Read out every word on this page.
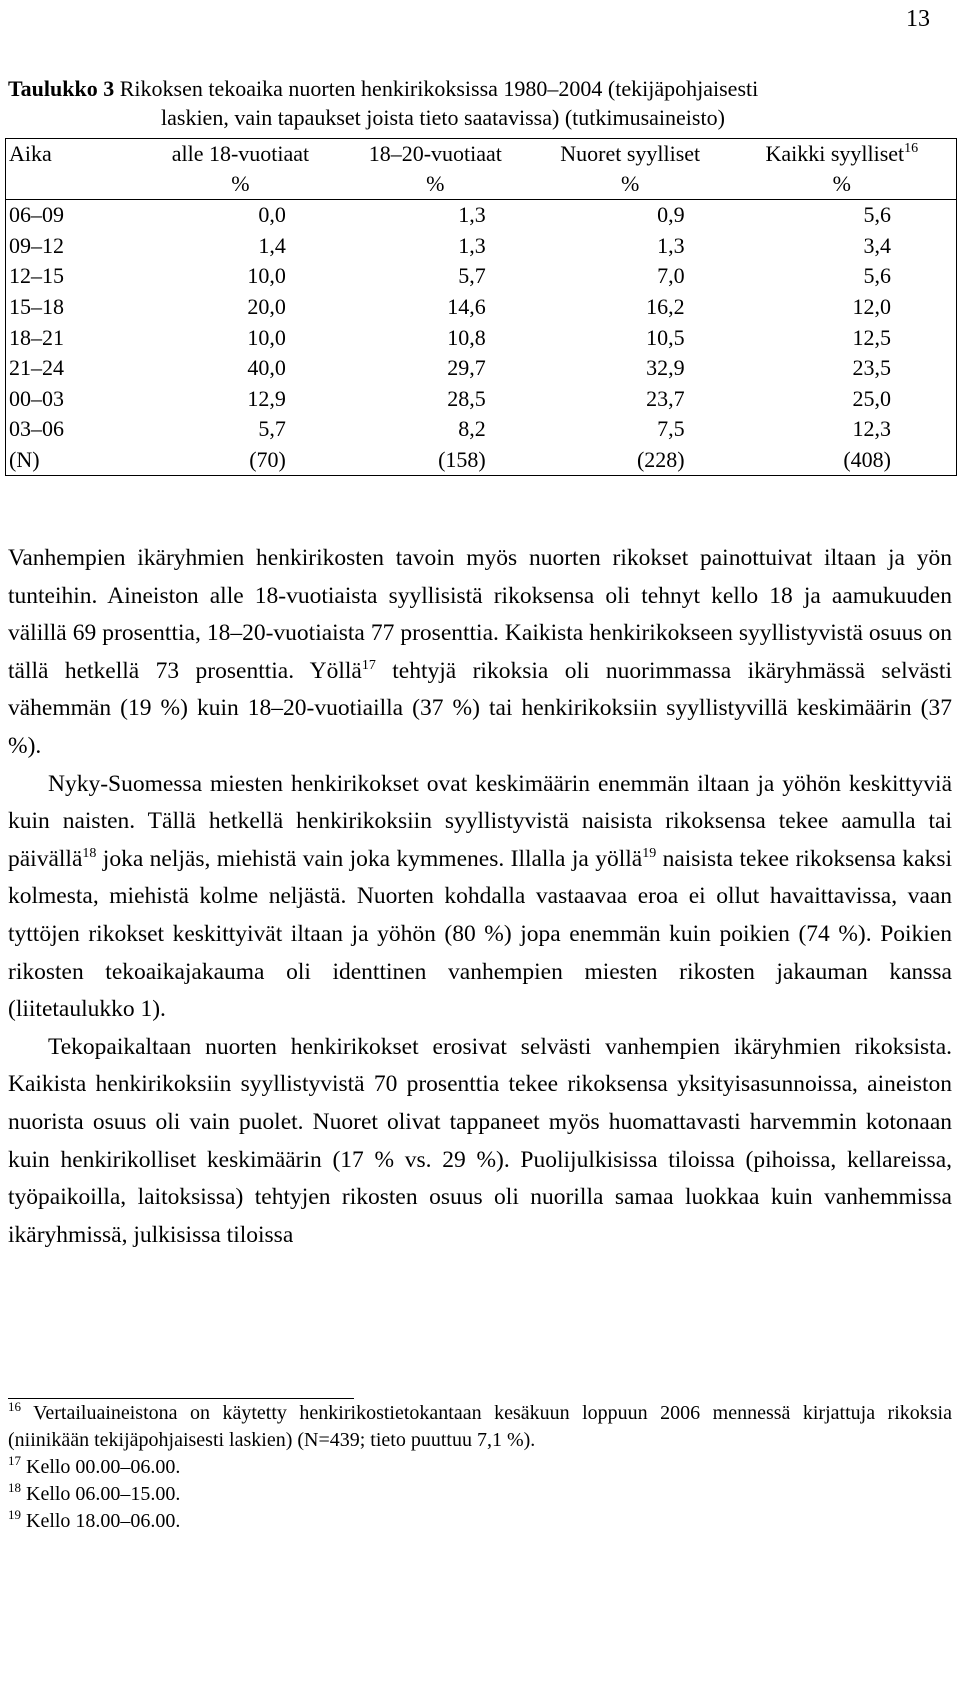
13
Taulukko 3 Rikoksen tekoaika nuorten henkirikoksissa 1980–2004 (tekijäpohjaisesti
laskien, vain tapaukset joista tieto saatavissa) (tutkimusaineisto)
Aika	alle 18-vuotiaat	18–20-vuotiaat	Nuoret syylliset	Kaikki syylliset$^{16}$
	%	%	%	%
06–09	0,0	1,3	0,9	5,6
09–12	1,4	1,3	1,3	3,4
12–15	10,0	5,7	7,0	5,6
15–18	20,0	14,6	16,2	12,0
18–21	10,0	10,8	10,5	12,5
21–24	40,0	29,7	32,9	23,5
00–03	12,9	28,5	23,7	25,0
03–06	5,7	8,2	7,5	12,3
(N)	(70)	(158)	(228)	(408)

Vanhempien ikäryhmien henkirikosten tavoin myös nuorten rikokset painottuivat iltaan ja yön tunteihin. Aineiston alle 18-vuotiaista syyllisistä rikoksensa oli tehnyt kello 18 ja aamukuuden välillä 69 prosenttia, 18–20-vuotiaista 77 prosenttia. Kaikista henkirikokseen syyllistyvistä osuus on tällä hetkellä 73 prosenttia. Yöllä$^{17}$ tehtyjä rikoksia oli nuorimmassa ikäryhmässä selvästi vähemmän (19 %) kuin 18–20-vuotiailla (37 %) tai henkirikoksiin syyllistyvillä keskimäärin (37 %).

Nyky-Suomessa miesten henkirikokset ovat keskimäärin enemmän iltaan ja yöhön keskittyviä kuin naisten. Tällä hetkellä henkirikoksiin syyllistyvistä naisista rikoksensa tekee aamulla tai päivällä$^{18}$ joka neljäs, miehistä vain joka kymmenes. Illalla ja yöllä$^{19}$ naisista tekee rikoksensa kaksi kolmesta, miehistä kolme neljästä. Nuorten kohdalla vastaavaa eroa ei ollut havaittavissa, vaan tyttöjen rikokset keskittyivät iltaan ja yöhön (80 %) jopa enemmän kuin poikien (74 %). Poikien rikosten tekoaikajakauma oli identtinen vanhempien miesten rikosten jakauman kanssa (liitetaulukko 1).

Tekopaikaltaan nuorten henkirikokset erosivat selvästi vanhempien ikäryhmien rikoksista. Kaikista henkirikoksiin syyllistyvistä 70 prosenttia tekee rikoksensa yksityisasunnoissa, aineiston nuorista osuus oli vain puolet. Nuoret olivat tappaneet myös huomattavasti harvemmin kotonaan kuin henkirikolliset keskimäärin (17 % vs. 29 %). Puolijulkisissa tiloissa (pihoissa, kellareissa, työpaikoilla, laitoksissa) tehtyjen rikosten osuus oli nuorilla samaa luokkaa kuin vanhemmissa ikäryhmissä, julkisissa tiloissa

$^{16}$ Vertailuaineistona on käytetty henkirikostietokantaan kesäkuun loppuun 2006 mennessä kirjattuja rikoksia (niinikään tekijäpohjaisesti laskien) (N=439; tieto puuttuu 7,1 %).

$^{17}$ Kello 00.00–06.00.

$^{18}$ Kello 06.00–15.00.

$^{19}$ Kello 18.00–06.00.
